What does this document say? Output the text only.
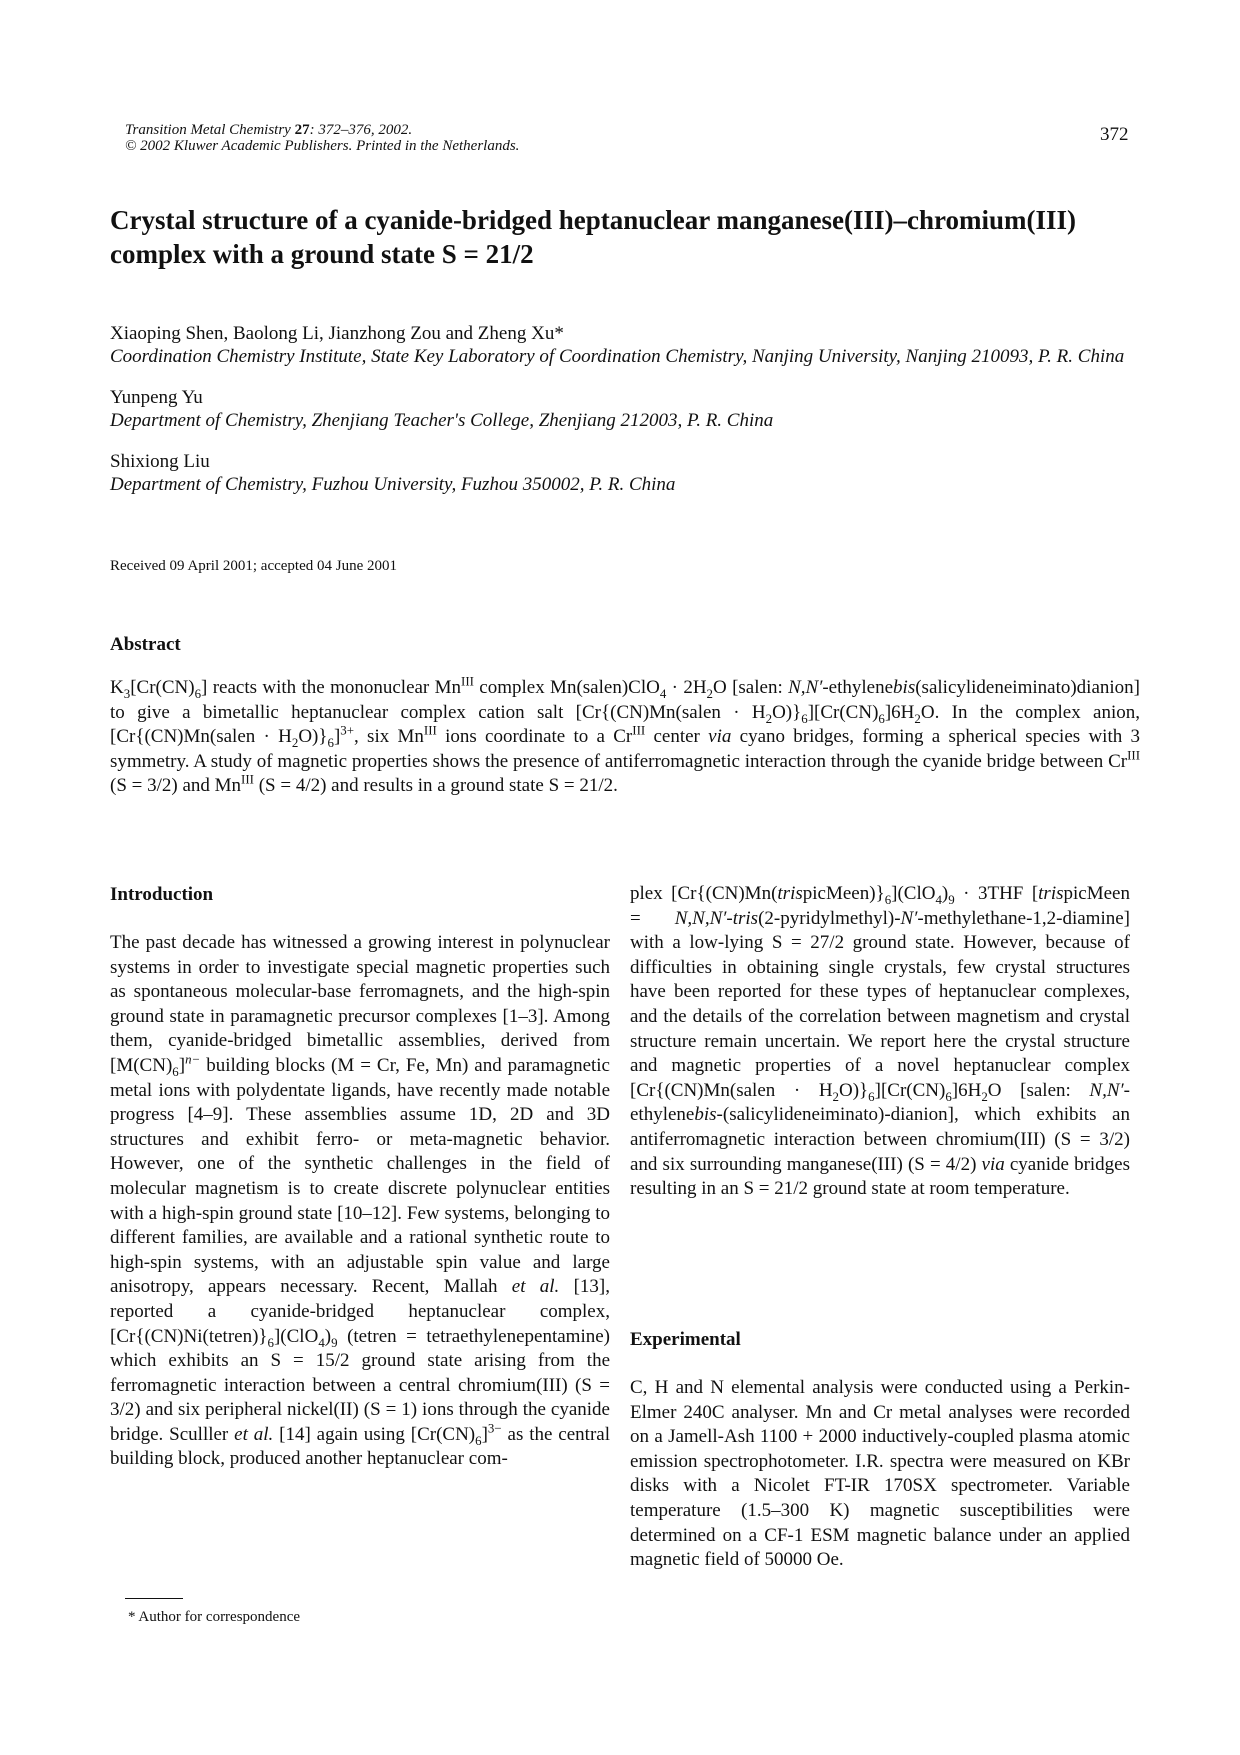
Transition Metal Chemistry 27: 372–376, 2002.
© 2002 Kluwer Academic Publishers. Printed in the Netherlands.
372
Crystal structure of a cyanide-bridged heptanuclear manganese(III)–chromium(III)
complex with a ground state S = 21/2

Xiaoping Shen, Baolong Li, Jianzhong Zou and Zheng Xu*

Coordination Chemistry Institute, State Key Laboratory of Coordination Chemistry, Nanjing University, Nanjing 210093, P. R. China

Yunpeng Yu

Department of Chemistry, Zhenjiang Teacher's College, Zhenjiang 212003, P. R. China

Shixiong Liu

Department of Chemistry, Fuzhou University, Fuzhou 350002, P. R. China

Received 09 April 2001; accepted 04 June 2001
Abstract

$K_3[Cr(CN)_6]$ reacts with the mononuclear $Mn^{III}$ complex Mn(salen)ClO$_4$ · $2H_2O$ [salen: N,N′-ethylenebis(salicylideneiminato)dianion] to give a bimetallic heptanuclear complex cation salt [Cr{(CN)Mn(salen · $H_2O)\}_6][Cr(CN)_6]6H_2O$. In the complex anion, [Cr{(CN)Mn(salen · $H_2O)\}_6]^{3+}$, six $Mn^{III}$ ions coordinate to a $Cr^{III}$ center via cyano bridges, forming a spherical species with 3 symmetry. A study of magnetic properties shows the presence of antiferromagnetic interaction through the cyanide bridge between $Cr^{III}$ (S = 3/2) and $Mn^{III}$ (S = 4/2) and results in a ground state S = 21/2.

Introduction

The past decade has witnessed a growing interest in polynuclear systems in order to investigate special magnetic properties such as spontaneous molecular-base ferromagnets, and the high-spin ground state in paramagnetic precursor complexes [1–3]. Among them, cyanide-bridged bimetallic assemblies, derived from $[M(CN)_6]^{n-}$ building blocks (M = Cr, Fe, Mn) and paramagnetic metal ions with polydentate ligands, have recently made notable progress [4–9]. These assemblies assume 1D, 2D and 3D structures and exhibit ferro- or meta-magnetic behavior. However, one of the synthetic challenges in the field of molecular magnetism is to create discrete polynuclear entities with a high-spin ground state [10–12]. Few systems, belonging to different families, are available and a rational synthetic route to high-spin systems, with an adjustable spin value and large anisotropy, appears necessary. Recent, Mallah et al. [13], reported a cyanide-bridged heptanuclear complex, $[Cr\{(CN)Ni(tetren)\}_6](ClO_4)_9$ (tetren = tetraethylenepentamine) which exhibits an S = 15/2 ground state arising from the ferromagnetic interaction between a central chromium(III) (S = 3/2) and six peripheral nickel(II) (S = 1) ions through the cyanide bridge. Sculller et al. [14] again using $[Cr(CN)_6]^{3-}$ as the central building block, produced another heptanuclear com-

plex $[Cr\{(CN)Mn(trispicMeen)\}_6](ClO_4)_9 \cdot 3THF$ [trispicMeen = N,N,N′-tris(2-pyridylmethyl)-N′-methylethane-1,2-diamine] with a low-lying S = 27/2 ground state. However, because of difficulties in obtaining single crystals, few crystal structures have been reported for these types of heptanuclear complexes, and the details of the correlation between magnetism and crystal structure remain uncertain. We report here the crystal structure and magnetic properties of a novel heptanuclear complex [Cr{(CN)Mn(salen · $H_2O)\}_6][Cr(CN)_6]6H_2O$ [salen: N,N′-ethylenebis-(salicylideneiminato)-dianion], which exhibits an antiferromagnetic interaction between chromium(III) (S = 3/2) and six surrounding manganese(III) (S = 4/2) via cyanide bridges resulting in an S = 21/2 ground state at room temperature.

Experimental

C, H and N elemental analysis were conducted using a Perkin-Elmer 240C analyser. Mn and Cr metal analyses were recorded on a Jamell-Ash 1100 + 2000 inductively-coupled plasma atomic emission spectrophotometer. I.R. spectra were measured on KBr disks with a Nicolet FT-IR 170SX spectrometer. Variable temperature (1.5–300 K) magnetic susceptibilities were determined on a CF-1 ESM magnetic balance under an applied magnetic field of 50000 Oe.

* Author for correspondence
